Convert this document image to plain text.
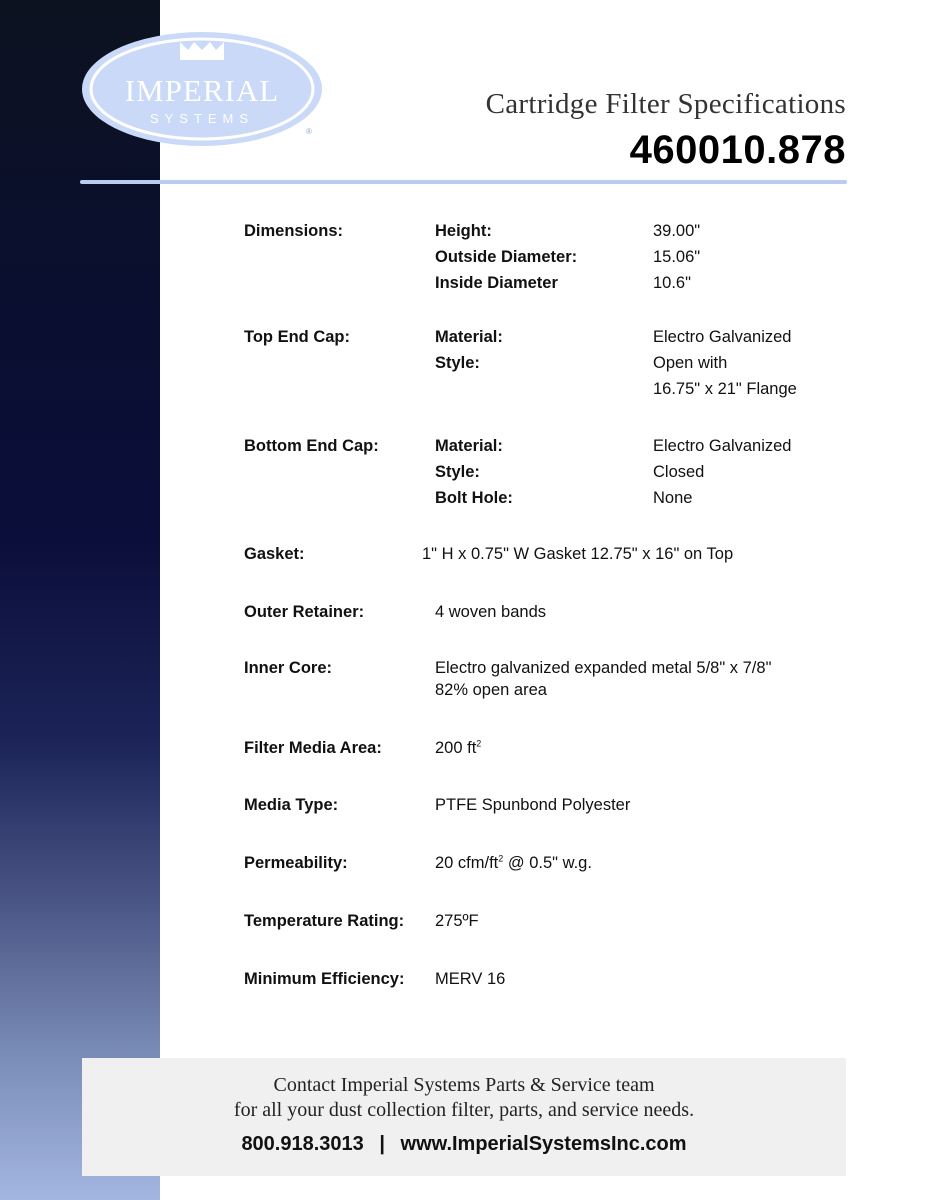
IMPERIAL
SYSTEMS
®
Cartridge Filter Specifications
460010.878
Dimensions:	Height:	39.00"
Outside Diameter:	15.06"
Inside Diameter	10.6"
Top End Cap:	Material:	Electro Galvanized
Style:	Open with
16.75" x 21" Flange
Bottom End Cap:	Material:	Electro Galvanized
Style:	Closed
Bolt Hole:	None
Gasket:	1" H x 0.75" W Gasket 12.75" x 16" on Top
Outer Retainer:	4 woven bands
Inner Core:	Electro galvanized expanded metal 5/8" x 7/8"
82% open area
Filter Media Area:	200 $ft^2$
Media Type:	PTFE Spunbond Polyester
Permeability:	20 cfm/$ft^2$ @ 0.5" w.g.
Temperature Rating: 275ºF
Minimum Efficiency: MERV 16
Contact Imperial Systems Parts & Service team
for all your dust collection filter, parts, and service needs.
800.918.3013 | www.ImperialSystemsInc.com
